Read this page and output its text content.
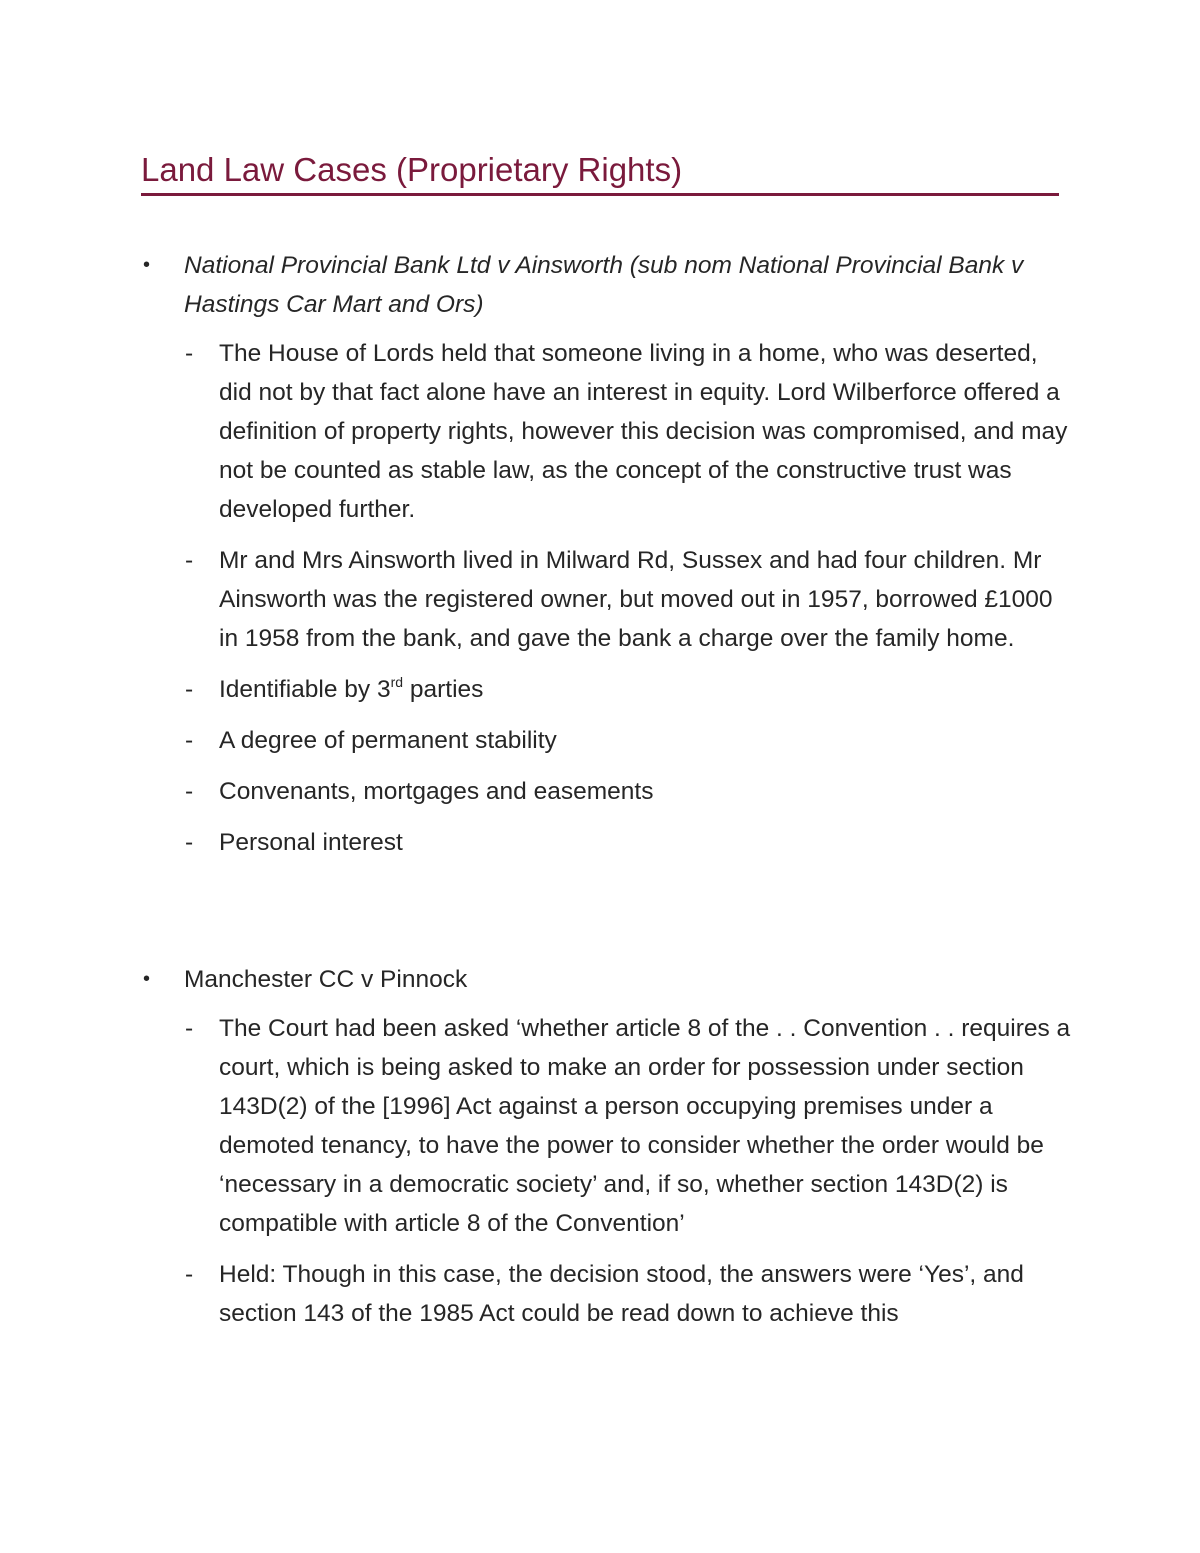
Land Law Cases (Proprietary Rights)
• National Provincial Bank Ltd v Ainsworth (sub nom National Provincial Bank v Hastings Car Mart and Ors)
- The House of Lords held that someone living in a home, who was deserted, did not by that fact alone have an interest in equity. Lord Wilberforce offered a definition of property rights, however this decision was compromised, and may not be counted as stable law, as the concept of the constructive trust was developed further.
- Mr and Mrs Ainsworth lived in Milward Rd, Sussex and had four children. Mr Ainsworth was the registered owner, but moved out in 1957, borrowed £1000 in 1958 from the bank, and gave the bank a charge over the family home.
- Identifiable by 3rd parties
- A degree of permanent stability
- Convenants, mortgages and easements
- Personal interest
• Manchester CC v Pinnock
- The Court had been asked ‘whether article 8 of the . . Convention . . requires a court, which is being asked to make an order for possession under section 143D(2) of the [1996] Act against a person occupying premises under a demoted tenancy, to have the power to consider whether the order would be ‘necessary in a democratic society’ and, if so, whether section 143D(2) is compatible with article 8 of the Convention’
- Held: Though in this case, the decision stood, the answers were ‘Yes’, and section 143 of the 1985 Act could be read down to achieve this
